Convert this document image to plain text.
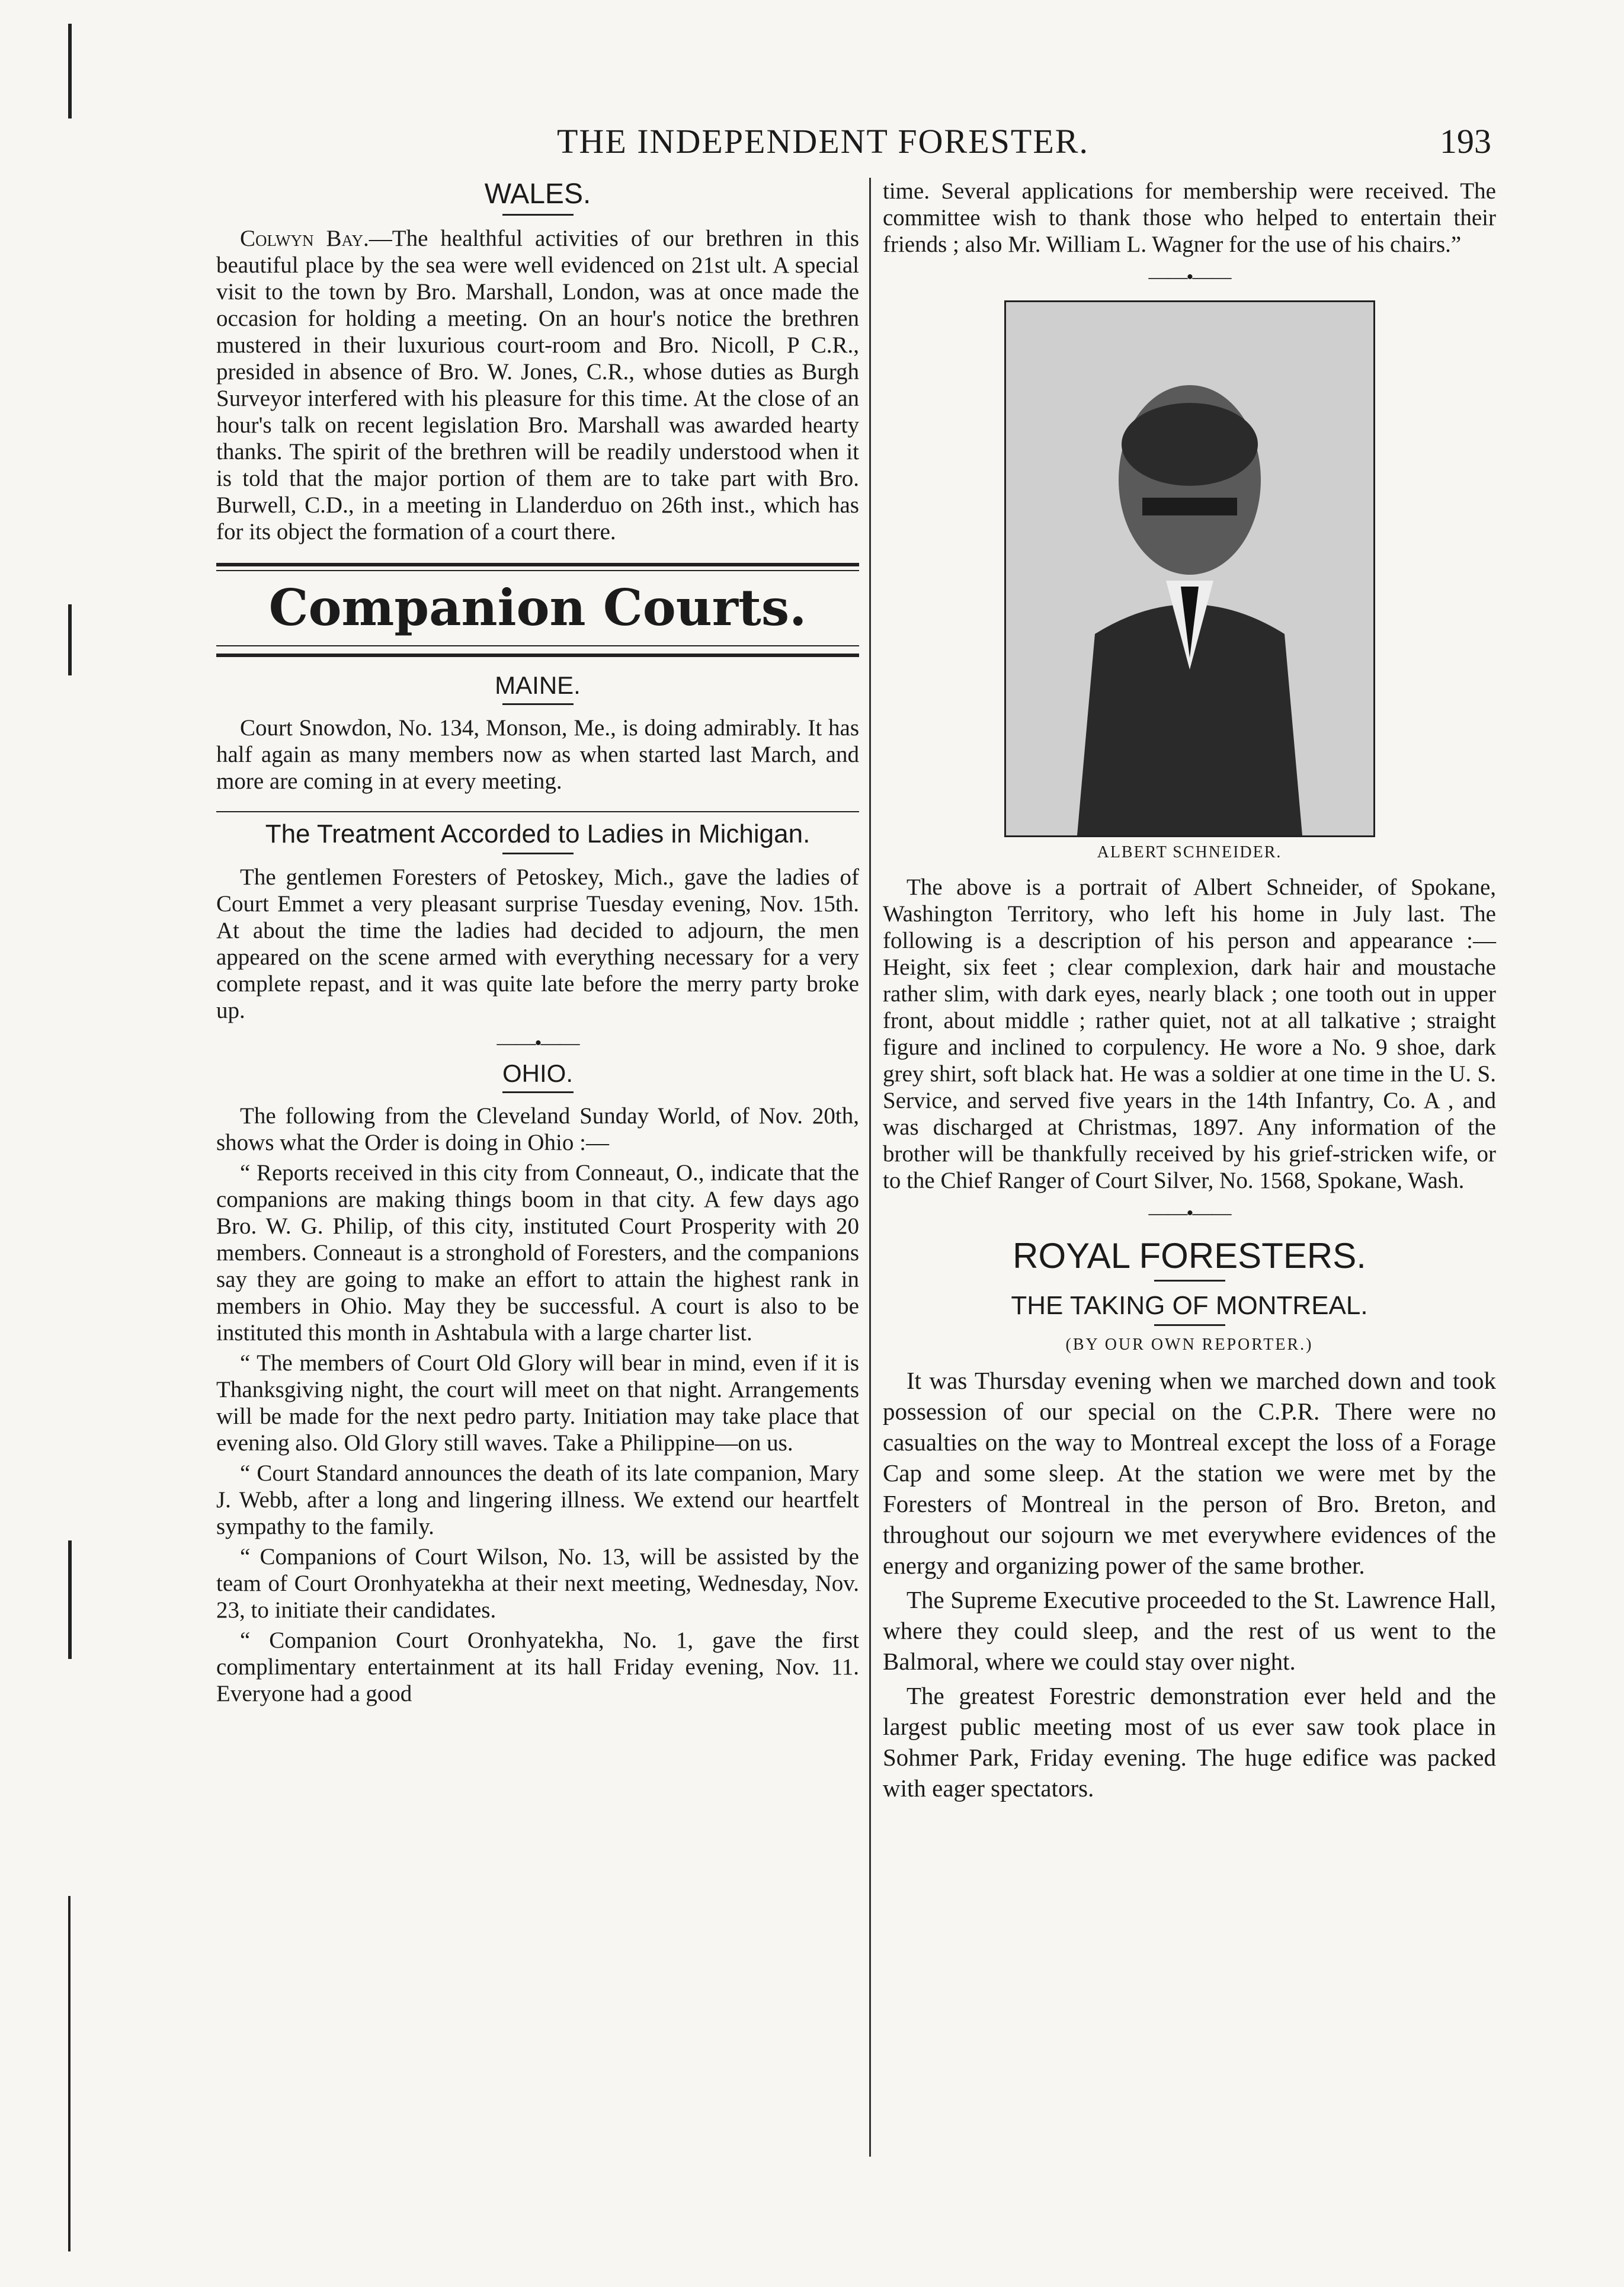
THE INDEPENDENT FORESTER.	193
WALES.

Colwyn Bay.—The healthful activities of our brethren in this beautiful place by the sea were well evidenced on 21st ult. A special visit to the town by Bro. Marshall, London, was at once made the occasion for holding a meeting. On an hour's notice the brethren mustered in their luxurious court-room and Bro. Nicoll, P C.R., presided in absence of Bro. W. Jones, C.R., whose duties as Burgh Surveyor interfered with his pleasure for this time. At the close of an hour's talk on recent legislation Bro. Marshall was awarded hearty thanks. The spirit of the brethren will be readily understood when it is told that the major portion of them are to take part with Bro. Burwell, C.D., in a meeting in Llanderduo on 26th inst., which has for its object the formation of a court there.

Companion Courts.
MAINE.

Court Snowdon, No. 134, Monson, Me., is doing admirably. It has half again as many members now as when started last March, and more are coming in at every meeting.

The Treatment Accorded to Ladies in Michigan.

The gentlemen Foresters of Petoskey, Mich., gave the ladies of Court Emmet a very pleasant surprise Tuesday evening, Nov. 15th. At about the time the ladies had decided to adjourn, the men appeared on the scene armed with everything necessary for a very complete repast, and it was quite late before the merry party broke up.

——•——
OHIO.

The following from the Cleveland Sunday World, of Nov. 20th, shows what the Order is doing in Ohio :—

“ Reports received in this city from Conneaut, O., indicate that the companions are making things boom in that city. A few days ago Bro. W. G. Philip, of this city, instituted Court Prosperity with 20 members. Conneaut is a stronghold of Foresters, and the companions say they are going to make an effort to attain the highest rank in members in Ohio. May they be successful. A court is also to be instituted this month in Ashtabula with a large charter list.

“ The members of Court Old Glory will bear in mind, even if it is Thanksgiving night, the court will meet on that night. Arrangements will be made for the next pedro party. Initiation may take place that evening also. Old Glory still waves. Take a Philippine—on us.

“ Court Standard announces the death of its late companion, Mary J. Webb, after a long and lingering illness. We extend our heartfelt sympathy to the family.

“ Companions of Court Wilson, No. 13, will be assisted by the team of Court Oronhyatekha at their next meeting, Wednesday, Nov. 23, to initiate their candidates.

“ Companion Court Oronhyatekha, No. 1, gave the first complimentary entertainment at its hall Friday evening, Nov. 11. Everyone had a good

time. Several applications for membership were received. The committee wish to thank those who helped to entertain their friends ; also Mr. William L. Wagner for the use of his chairs.”

——•——
ALBERT SCHNEIDER.

The above is a portrait of Albert Schneider, of Spokane, Washington Territory, who left his home in July last. The following is a description of his person and appearance :—Height, six feet ; clear complexion, dark hair and moustache rather slim, with dark eyes, nearly black ; one tooth out in upper front, about middle ; rather quiet, not at all talkative ; straight figure and inclined to corpulency. He wore a No. 9 shoe, dark grey shirt, soft black hat. He was a soldier at one time in the U. S. Service, and served five years in the 14th Infantry, Co. A , and was discharged at Christmas, 1897. Any information of the brother will be thankfully received by his grief-stricken wife, or to the Chief Ranger of Court Silver, No. 1568, Spokane, Wash.

——•——
ROYAL FORESTERS.
THE TAKING OF MONTREAL.
(BY OUR OWN REPORTER.)

It was Thursday evening when we marched down and took possession of our special on the C.P.R. There were no casualties on the way to Montreal except the loss of a Forage Cap and some sleep. At the station we were met by the Foresters of Montreal in the person of Bro. Breton, and throughout our sojourn we met everywhere evidences of the energy and organizing power of the same brother.

The Supreme Executive proceeded to the St. Lawrence Hall, where they could sleep, and the rest of us went to the Balmoral, where we could stay over night.

The greatest Forestric demonstration ever held and the largest public meeting most of us ever saw took place in Sohmer Park, Friday evening. The huge edifice was packed with eager spectators.
